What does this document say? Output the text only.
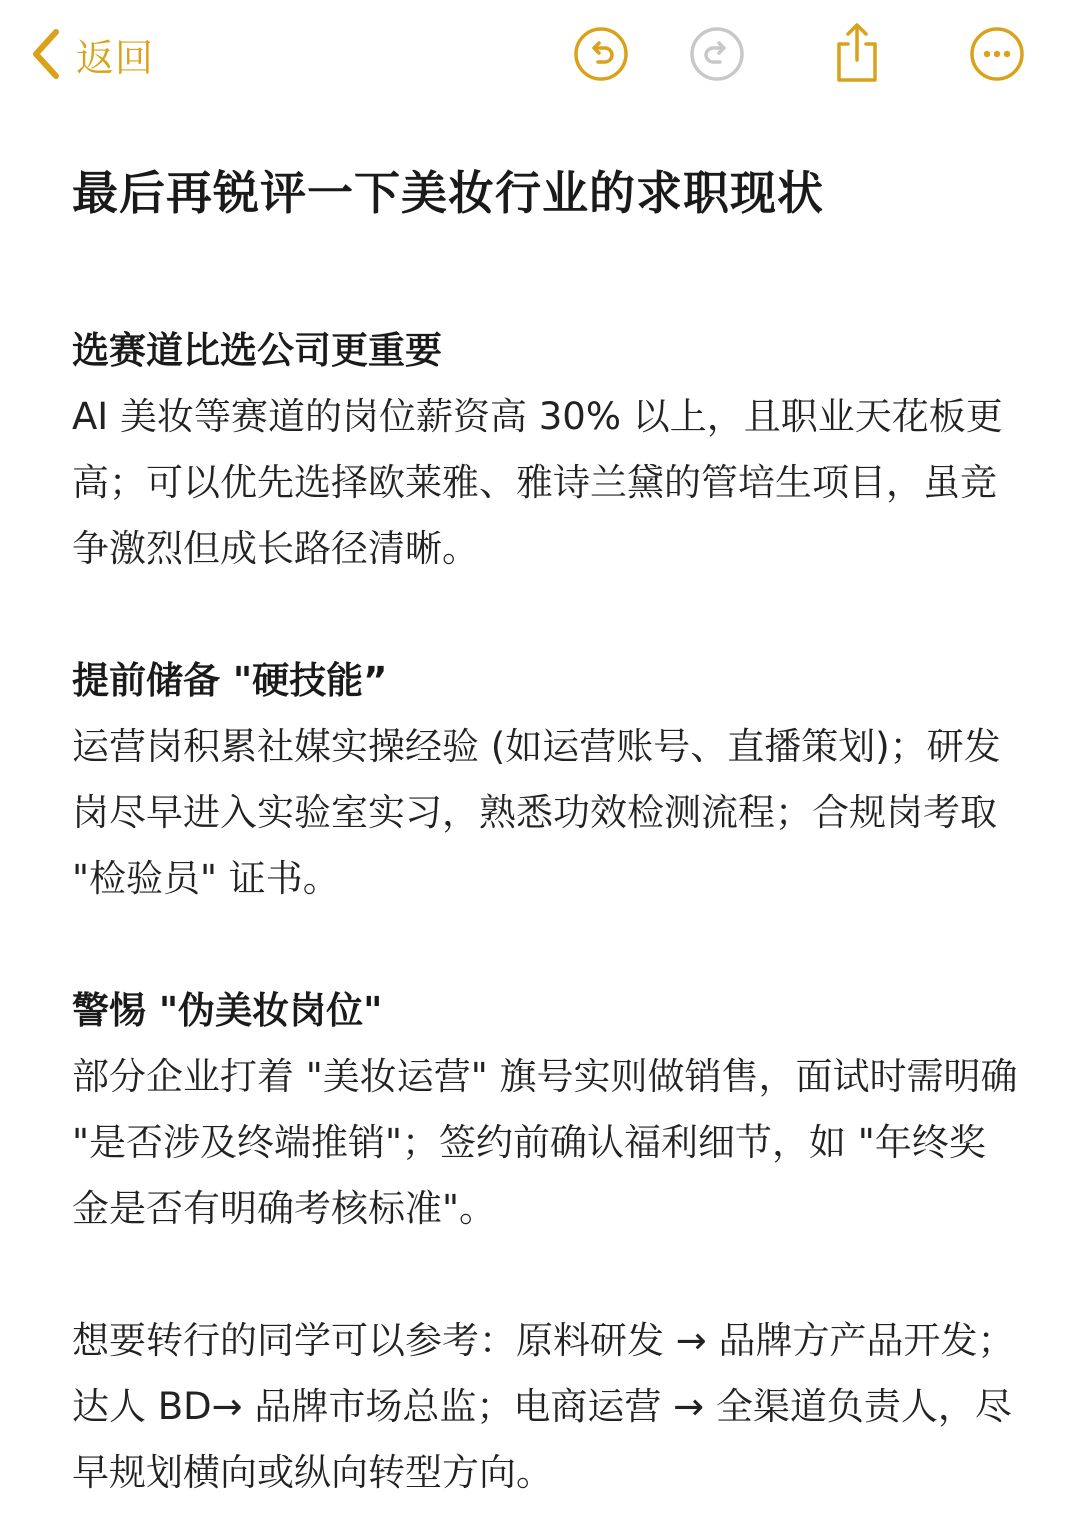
返回
最后再锐评一下美妆行业的求职现状

选赛道比选公司更重要

AI 美妆等赛道的岗位薪资高 30% 以上，且职业天花板更高；可以优先选择欧莱雅、雅诗兰黛的管培生项目，虽竞争激烈但成长路径清晰。

提前储备 "硬技能”

运营岗积累社媒实操经验 (如运营账号、直播策划)；研发岗尽早进入实验室实习，熟悉功效检测流程；合规岗考取 "检验员" 证书。

警惕 "伪美妆岗位"

部分企业打着 "美妆运营" 旗号实则做销售，面试时需明确 "是否涉及终端推销"；签约前确认福利细节，如 "年终奖金是否有明确考核标准"。

想要转行的同学可以参考：原料研发 → 品牌方产品开发；达人 BD→ 品牌市场总监；电商运营 → 全渠道负责人，尽早规划横向或纵向转型方向。
